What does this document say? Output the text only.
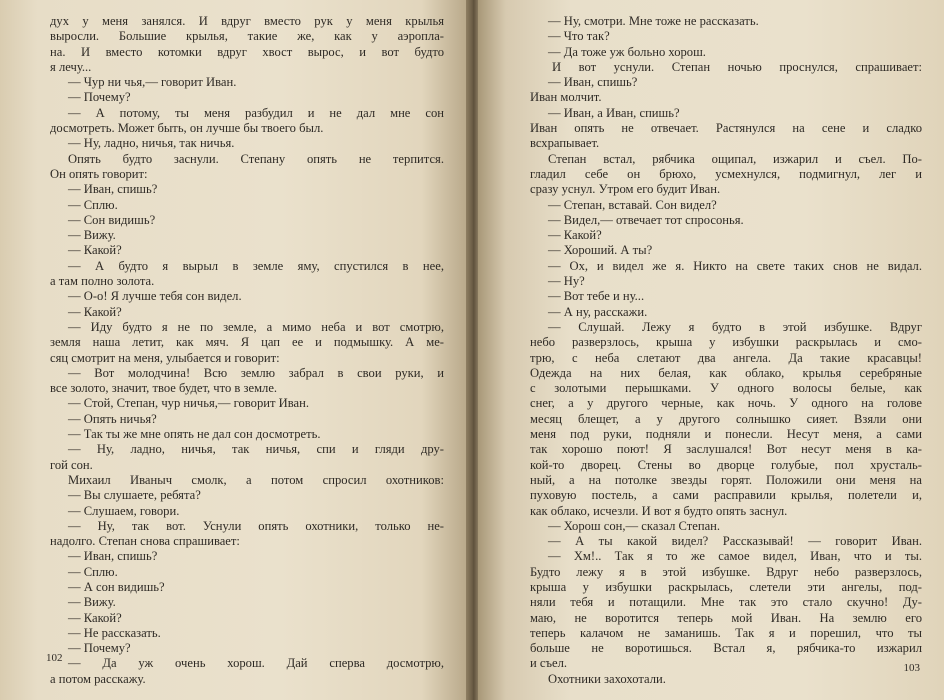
дух у меня занялся. И вдруг вместо рук у меня крылья
выросли. Большие крылья, такие же, как у аэропла-
на. И вместо котомки вдруг хвост вырос, и вот будто
я лечу...
— Чур ни чья,— говорит Иван.
— Почему?
— А потому, ты меня разбудил и не дал мне сон
досмотреть. Может быть, он лучше бы твоего был.
— Ну, ладно, ничья, так ничья.
Опять будто заснули. Степану опять не терпится.
Он опять говорит:
— Иван, спишь?
— Сплю.
— Сон видишь?
— Вижу.
— Какой?
— А будто я вырыл в земле яму, спустился в нее,
а там полно золота.
— О-о! Я лучше тебя сон видел.
— Какой?
— Иду будто я не по земле, а мимо неба и вот смотрю,
земля наша летит, как мяч. Я цап ее и подмышку. А ме-
сяц смотрит на меня, улыбается и говорит:
— Вот молодчина! Всю землю забрал в свои руки, и
все золото, значит, твое будет, что в земле.
— Стой, Степан, чур ничья,— говорит Иван.
— Опять ничья?
— Так ты же мне опять не дал сон досмотреть.
— Ну, ладно, ничья, так ничья, спи и гляди дру-
гой сон.
Михаил Иваныч смолк, а потом спросил охотников:
— Вы слушаете, ребята?
— Слушаем, говори.
— Ну, так вот. Уснули опять охотники, только не-
надолго. Степан снова спрашивает:
— Иван, спишь?
— Сплю.
— А сон видишь?
— Вижу.
— Какой?
— Не рассказать.
— Почему?
— Да уж очень хорош. Дай сперва досмотрю,
а потом расскажу.
102
— Ну, смотри. Мне тоже не рассказать.
— Что так?
— Да тоже уж больно хорош.
И вот уснули. Степан ночью проснулся, спрашивает:
— Иван, спишь?
Иван молчит.
— Иван, а Иван, спишь?
Иван опять не отвечает. Растянулся на сене и сладко
всхрапывает.
Степан встал, рябчика ощипал, изжарил и съел. По-
гладил себе он брюхо, усмехнулся, подмигнул, лег и
сразу уснул. Утром его будит Иван.
— Степан, вставай. Сон видел?
— Видел,— отвечает тот спросонья.
— Какой?
— Хороший. А ты?
— Ох, и видел же я. Никто на свете таких снов не видал.
— Ну?
— Вот тебе и ну...
— А ну, расскажи.
— Слушай. Лежу я будто в этой избушке. Вдруг
небо разверзлось, крыша у избушки раскрылась и смо-
трю, с неба слетают два ангела. Да такие красавцы!
Одежда на них белая, как облако, крылья серебряные
с золотыми перышками. У одного волосы белые, как
снег, а у другого черные, как ночь. У одного на голове
месяц блещет, а у другого солнышко сияет. Взяли они
меня под руки, подняли и понесли. Несут меня, а сами
так хорошо поют! Я заслушался! Вот несут меня в ка-
кой-то дворец. Стены во дворце голубые, пол хрусталь-
ный, а на потолке звезды горят. Положили они меня на
пуховую постель, а сами расправили крылья, полетели и,
как облако, исчезли. И вот я будто опять заснул.
— Хорош сон,— сказал Степан.
— А ты какой видел? Рассказывай! — говорит Иван.
— Хм!.. Так я то же самое видел, Иван, что и ты.
Будто лежу я в этой избушке. Вдруг небо разверзлось,
крыша у избушки раскрылась, слетели эти ангелы, под-
няли тебя и потащили. Мне так это стало скучно! Ду-
маю, не воротится теперь мой Иван. На землю его
теперь калачом не заманишь. Так я и порешил, что ты
больше не воротишься. Встал я, рябчика-то изжарил
и съел.
Охотники захохотали.
103
